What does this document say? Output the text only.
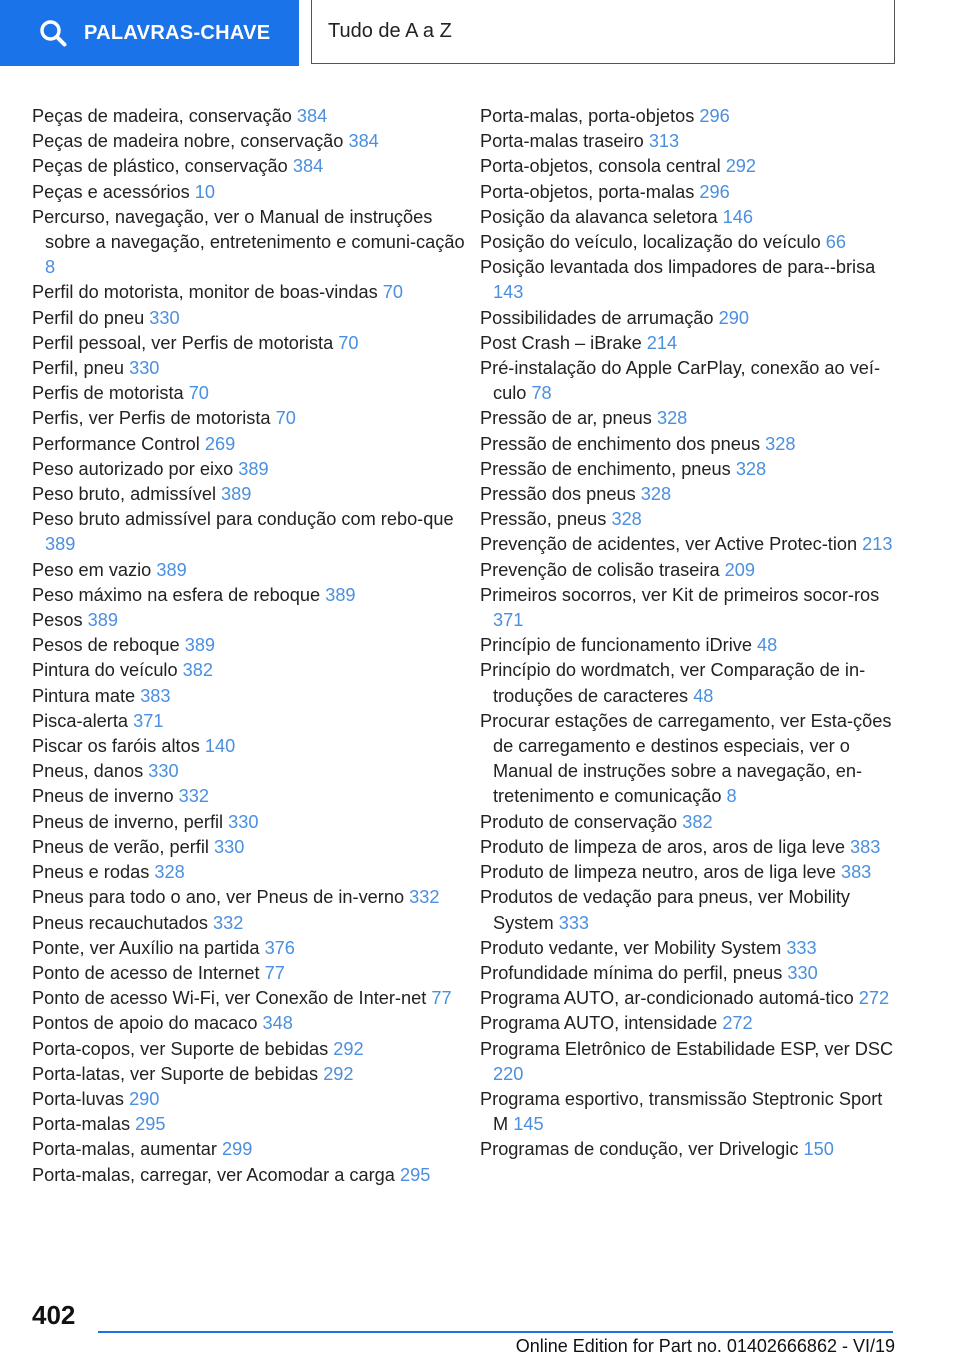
PALAVRAS-CHAVE	Tudo de A a Z
Peças de madeira, conservação 384
Peças de madeira nobre, conservação 384
Peças de plástico, conservação 384
Peças e acessórios 10
Percurso, navegação, ver o Manual de instruções sobre a navegação, entretenimento e comuni‐cação 8
Perfil do motorista, monitor de boas-vindas 70
Perfil do pneu 330
Perfil pessoal, ver Perfis de motorista 70
Perfil, pneu 330
Perfis de motorista 70
Perfis, ver Perfis de motorista 70
Performance Control 269
Peso autorizado por eixo 389
Peso bruto, admissível 389
Peso bruto admissível para condução com rebo‐que 389
Peso em vazio 389
Peso máximo na esfera de reboque 389
Pesos 389
Pesos de reboque 389
Pintura do veículo 382
Pintura mate 383
Pisca-alerta 371
Piscar os faróis altos 140
Pneus, danos 330
Pneus de inverno 332
Pneus de inverno, perfil 330
Pneus de verão, perfil 330
Pneus e rodas 328
Pneus para todo o ano, ver Pneus de in‐verno 332
Pneus recauchutados 332
Ponte, ver Auxílio na partida 376
Ponto de acesso de Internet 77
Ponto de acesso Wi-Fi, ver Conexão de Inter‐net 77
Pontos de apoio do macaco 348
Porta-copos, ver Suporte de bebidas 292
Porta-latas, ver Suporte de bebidas 292
Porta-luvas 290
Porta-malas 295
Porta-malas, aumentar 299
Porta-malas, carregar, ver Acomodar a carga 295
Porta-malas, porta-objetos 296
Porta-malas traseiro 313
Porta-objetos, consola central 292
Porta-objetos, porta-malas 296
Posição da alavanca seletora 146
Posição do veículo, localização do veículo 66
Posição levantada dos limpadores de para‐-brisa 143
Possibilidades de arrumação 290
Post Crash – iBrake 214
Pré-instalação do Apple CarPlay, conexão ao veí‐culo 78
Pressão de ar, pneus 328
Pressão de enchimento dos pneus 328
Pressão de enchimento, pneus 328
Pressão dos pneus 328
Pressão, pneus 328
Prevenção de acidentes, ver Active Protec‐tion 213
Prevenção de colisão traseira 209
Primeiros socorros, ver Kit de primeiros socor‐ros 371
Princípio de funcionamento iDrive 48
Princípio do wordmatch, ver Comparação de in‐troduções de caracteres 48
Procurar estações de carregamento, ver Esta‐ções de carregamento e destinos especiais, ver o Manual de instruções sobre a navegação, en‐tretenimento e comunicação 8
Produto de conservação 382
Produto de limpeza de aros, aros de liga leve 383
Produto de limpeza neutro, aros de liga leve 383
Produtos de vedação para pneus, ver Mobility System 333
Produto vedante, ver Mobility System 333
Profundidade mínima do perfil, pneus 330
Programa AUTO, ar-condicionado automá‐tico 272
Programa AUTO, intensidade 272
Programa Eletrônico de Estabilidade ESP, ver DSC 220
Programa esportivo, transmissão Steptronic Sport M 145
Programas de condução, ver Drivelogic 150
402
Online Edition for Part no. 01402666862 - VI/19
